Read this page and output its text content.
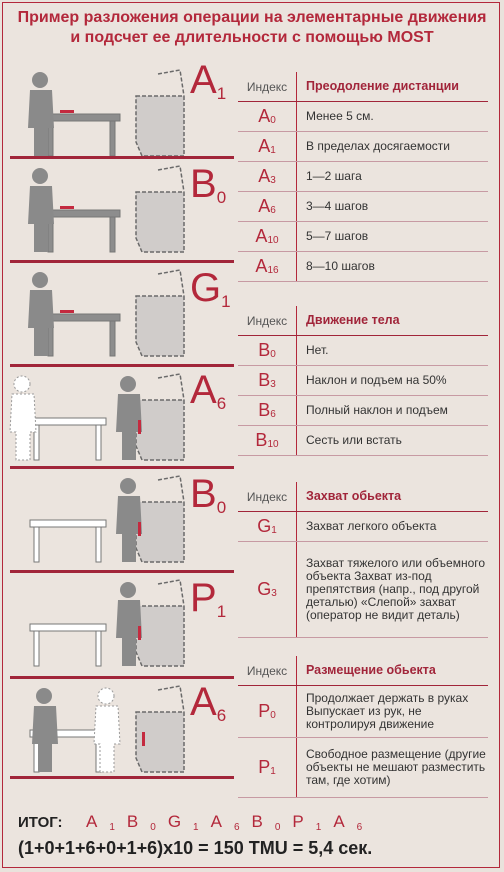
Пример разложения операции на элементарные движения
и подсчет ее длительности с помощью MOST
$A_1$
$B_0$
$G_1$
$A_6$
$B_0$
$P_1$
$A_6$
Индекс	Преодоление дистанции
$A_0$	Менее 5 см.
$A_1$	В пределах досягаемости
$A_3$	1—2 шага
$A_6$	3—4 шагов
$A_{10}$ 5—7 шагов
$A_{16}$ 8—10 шагов
Индекс	Движение тела
$B_0$	Нет.
$B_3$	Наклон и подъем на 50%
$B_6$	Полный наклон и подъем
$B_{10}$ Сесть или встать
Индекс	Захват обьекта
$G_1$ Захват легкого объекта
$G_3$
Захват тяжелого или объемного объекта Захват из-под препятствия (напр., под другой деталью) «Слепой» захват (оператор не видит деталь)
Индекс	Размещение обьекта
$P_0$
Продолжает держать в руках Выпускает из рук, не контролируя движение
$P_1$
Свободное размещение (другие объекты не мешают разместить там, где хотим)
ИТОГ: A $_1$ B $_0$ G $_1$ A $_6$ B $_0$ P $_1$ A $_6$
(1+0+1+6+0+1+6)x10 = 150 TMU = 5,4 сек.
